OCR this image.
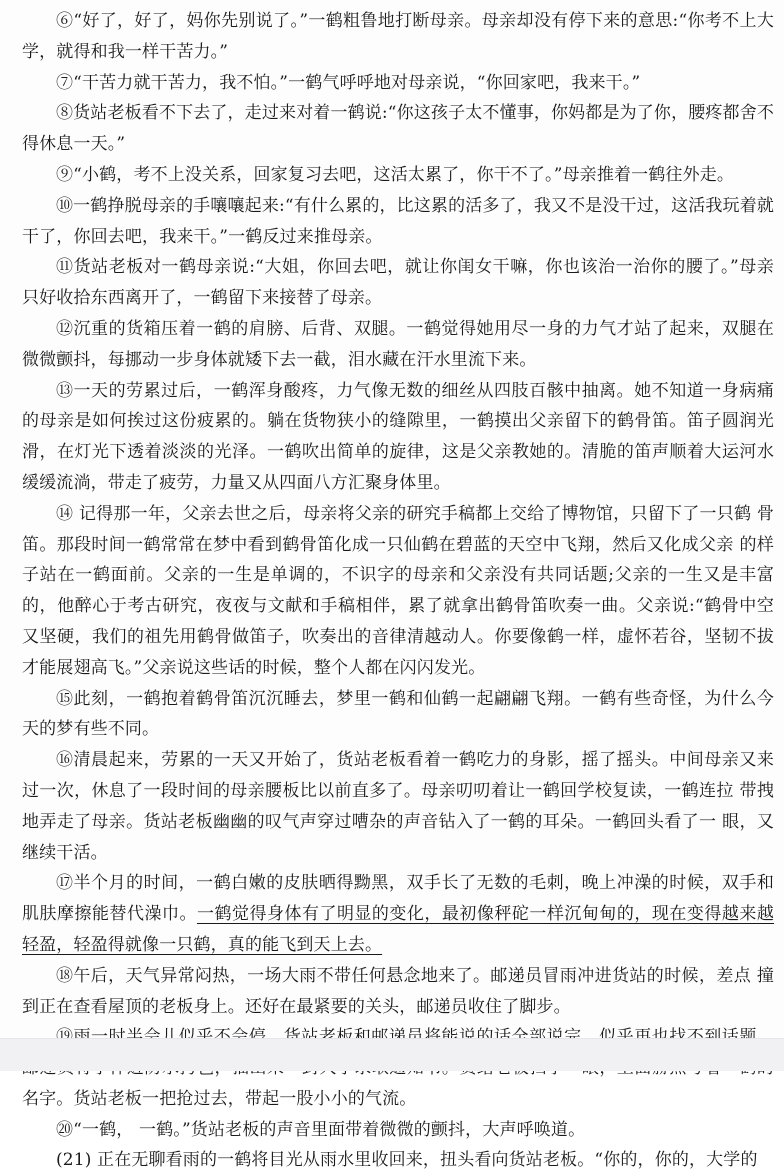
⑥“好了，好了，妈你先别说了。”一鹤粗鲁地打断母亲。母亲却没有停下来的意思:“你考不上大学，就得和我一样干苦力。”

⑦“干苦力就干苦力，我不怕。”一鹤气呼呼地对母亲说，“你回家吧，我来干。”

⑧货站老板看不下去了，走过来对着一鹤说:“你这孩子太不懂事，你妈都是为了你，腰疼都舍不得休息一天。”

⑨“小鹤，考不上没关系，回家复习去吧，这活太累了，你干不了。”母亲推着一鹤往外走。

⑩一鹤挣脱母亲的手嚷嚷起来:“有什么累的，比这累的活多了，我又不是没干过，这活我玩着就干了，你回去吧，我来干。”一鹤反过来推母亲。

⑪货站老板对一鹤母亲说:“大姐，你回去吧，就让你闺女干嘛，你也该治一治你的腰了。”母亲只好收拾东西离开了，一鹤留下来接替了母亲。

⑫沉重的货箱压着一鹤的肩膀、后背、双腿。一鹤觉得她用尽一身的力气才站了起来，双腿在微微颤抖，每挪动一步身体就矮下去一截，泪水藏在汗水里流下来。

⑬一天的劳累过后，一鹤浑身酸疼，力气像无数的细丝从四肢百骸中抽离。她不知道一身病痛的母亲是如何挨过这份疲累的。躺在货物狭小的缝隙里，一鹤摸出父亲留下的鹤骨笛。笛子圆润光滑，在灯光下透着淡淡的光泽。一鹤吹出简单的旋律，这是父亲教她的。清脆的笛声顺着大运河水缓缓流淌，带走了疲劳，力量又从四面八方汇聚身体里。

⑭ 记得那一年，父亲去世之后，母亲将父亲的研究手稿都上交给了博物馆，只留下了一只鹤 骨笛。那段时间一鹤常常在梦中看到鹤骨笛化成一只仙鹤在碧蓝的天空中飞翔，然后又化成父亲 的样子站在一鹤面前。父亲的一生是单调的，不识字的母亲和父亲没有共同话题;父亲的一生又是丰富的，他醉心于考古研究，夜夜与文献和手稿相伴，累了就拿出鹤骨笛吹奏一曲。父亲说:“鹤骨中空又坚硬，我们的祖先用鹤骨做笛子，吹奏出的音律清越动人。你要像鹤一样，虚怀若谷，坚韧不拔才能展翅高飞。”父亲说这些话的时候，整个人都在闪闪发光。

⑮此刻，一鹤抱着鹤骨笛沉沉睡去，梦里一鹤和仙鹤一起翩翩飞翔。一鹤有些奇怪，为什么今天的梦有些不同。

⑯清晨起来，劳累的一天又开始了，货站老板看着一鹤吃力的身影，摇了摇头。中间母亲又来过一次，休息了一段时间的母亲腰板比以前直多了。母亲叨叨着让一鹤回学校复读，一鹤连拉 带拽地弄走了母亲。货站老板幽幽的叹气声穿过嘈杂的声音钻入了一鹤的耳朵。一鹤回头看了一 眼，又继续干活。

⑰半个月的时间，一鹤白嫩的皮肤晒得黝黑，双手长了无数的毛刺，晚上冲澡的时候，双手和肌肤摩擦能替代澡巾。一鹤觉得身体有了明显的变化，最初像秤砣一样沉甸甸的，现在变得越来越轻盈，轻盈得就像一只鹤，真的能飞到天上去。

⑱午后，天气异常闷热，一场大雨不带任何悬念地来了。邮递员冒雨冲进货站的时候，差点 撞到正在查看屋顶的老板身上。还好在最紧要的关头，邮递员收住了脚步。

名字。货站老板一把抢过去，带起一股小小的气流。

⑳“一鹤， 一鹤。”货站老板的声音里面带着微微的颤抖，大声呼唤道。

(21) 正在无聊看雨的一鹤将目光从雨水里收回来，扭头看向货站老板。“你的，你的，大学的
